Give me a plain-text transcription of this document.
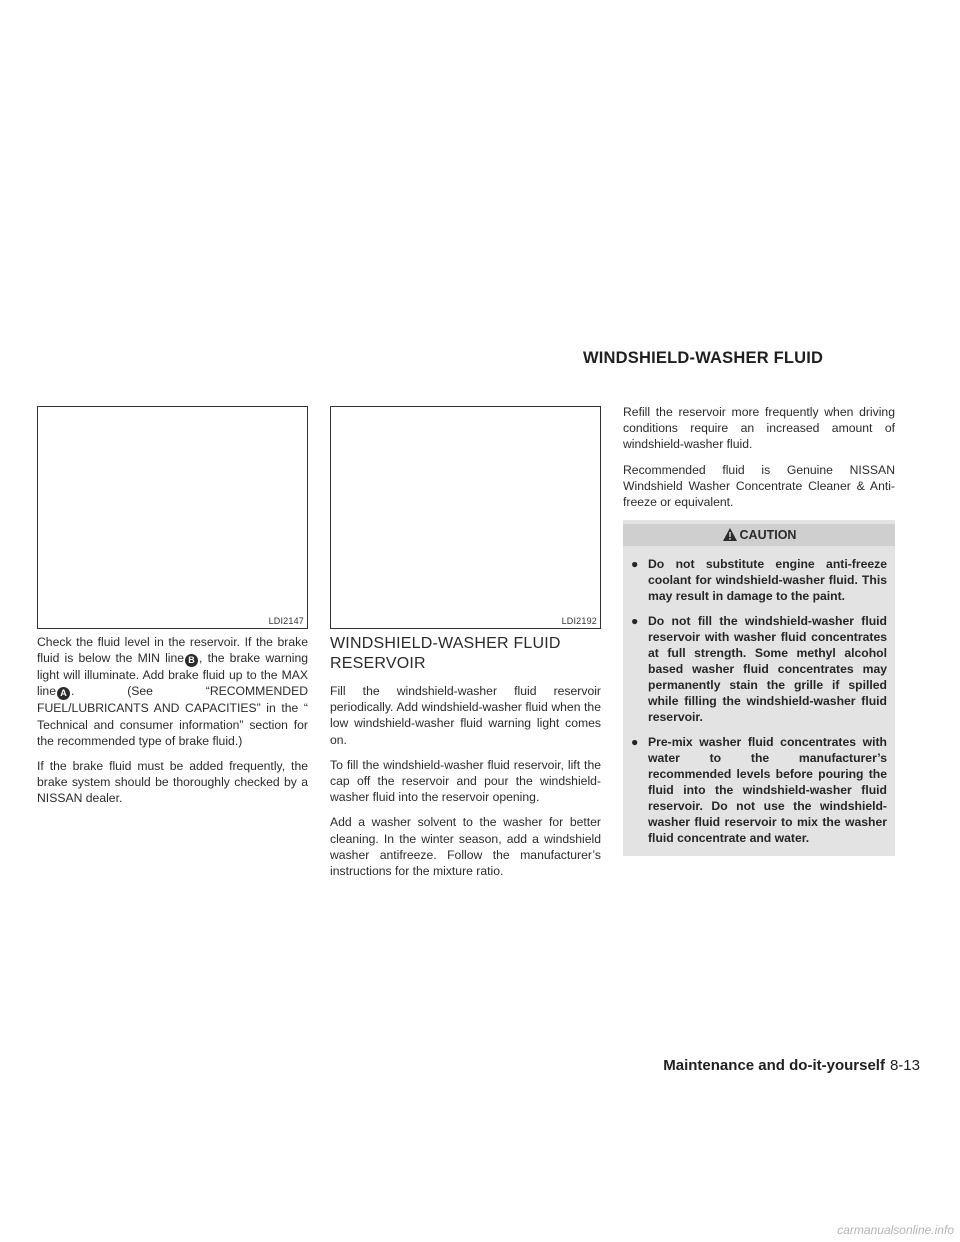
WINDSHIELD-WASHER FLUID
LDI2147	LDI2192

Check the fluid level in the reservoir. If the brake fluid is below the MIN line B , the brake warning light will illuminate. Add brake fluid up to the MAX line A . (See “RECOMMENDED FUEL/LUBRICANTS AND CAPACITIES” in the “ Technical and consumer information” section for the recommended type of brake fluid.)

If the brake fluid must be added frequently, the brake system should be thoroughly checked by a NISSAN dealer.

WINDSHIELD-WASHER FLUID RESERVOIR

Fill the windshield-washer fluid reservoir periodically. Add windshield-washer fluid when the low windshield-washer fluid warning light comes on.

To fill the windshield-washer fluid reservoir, lift the cap off the reservoir and pour the windshield-washer fluid into the reservoir opening.

Add a washer solvent to the washer for better cleaning. In the winter season, add a windshield washer antifreeze. Follow the manufacturer’s instructions for the mixture ratio.

Refill the reservoir more frequently when driving conditions require an increased amount of windshield-washer fluid.

Recommended fluid is Genuine NISSAN Windshield Washer Concentrate Cleaner & Anti-freeze or equivalent.

CAUTION
● Do not substitute engine anti-freeze coolant for windshield-washer fluid. This may result in damage to the paint.
● Do not fill the windshield-washer fluid reservoir with washer fluid concentrates at full strength. Some methyl alcohol based washer fluid concentrates may permanently stain the grille if spilled while filling the windshield-washer fluid reservoir.
● Pre-mix washer fluid concentrates with water to the manufacturer’s recommended levels before pouring the fluid into the windshield-washer fluid reservoir. Do not use the windshield-washer fluid reservoir to mix the washer fluid concentrate and water.
Maintenance and do-it-yourself 8-13
carmanualsonline.info
